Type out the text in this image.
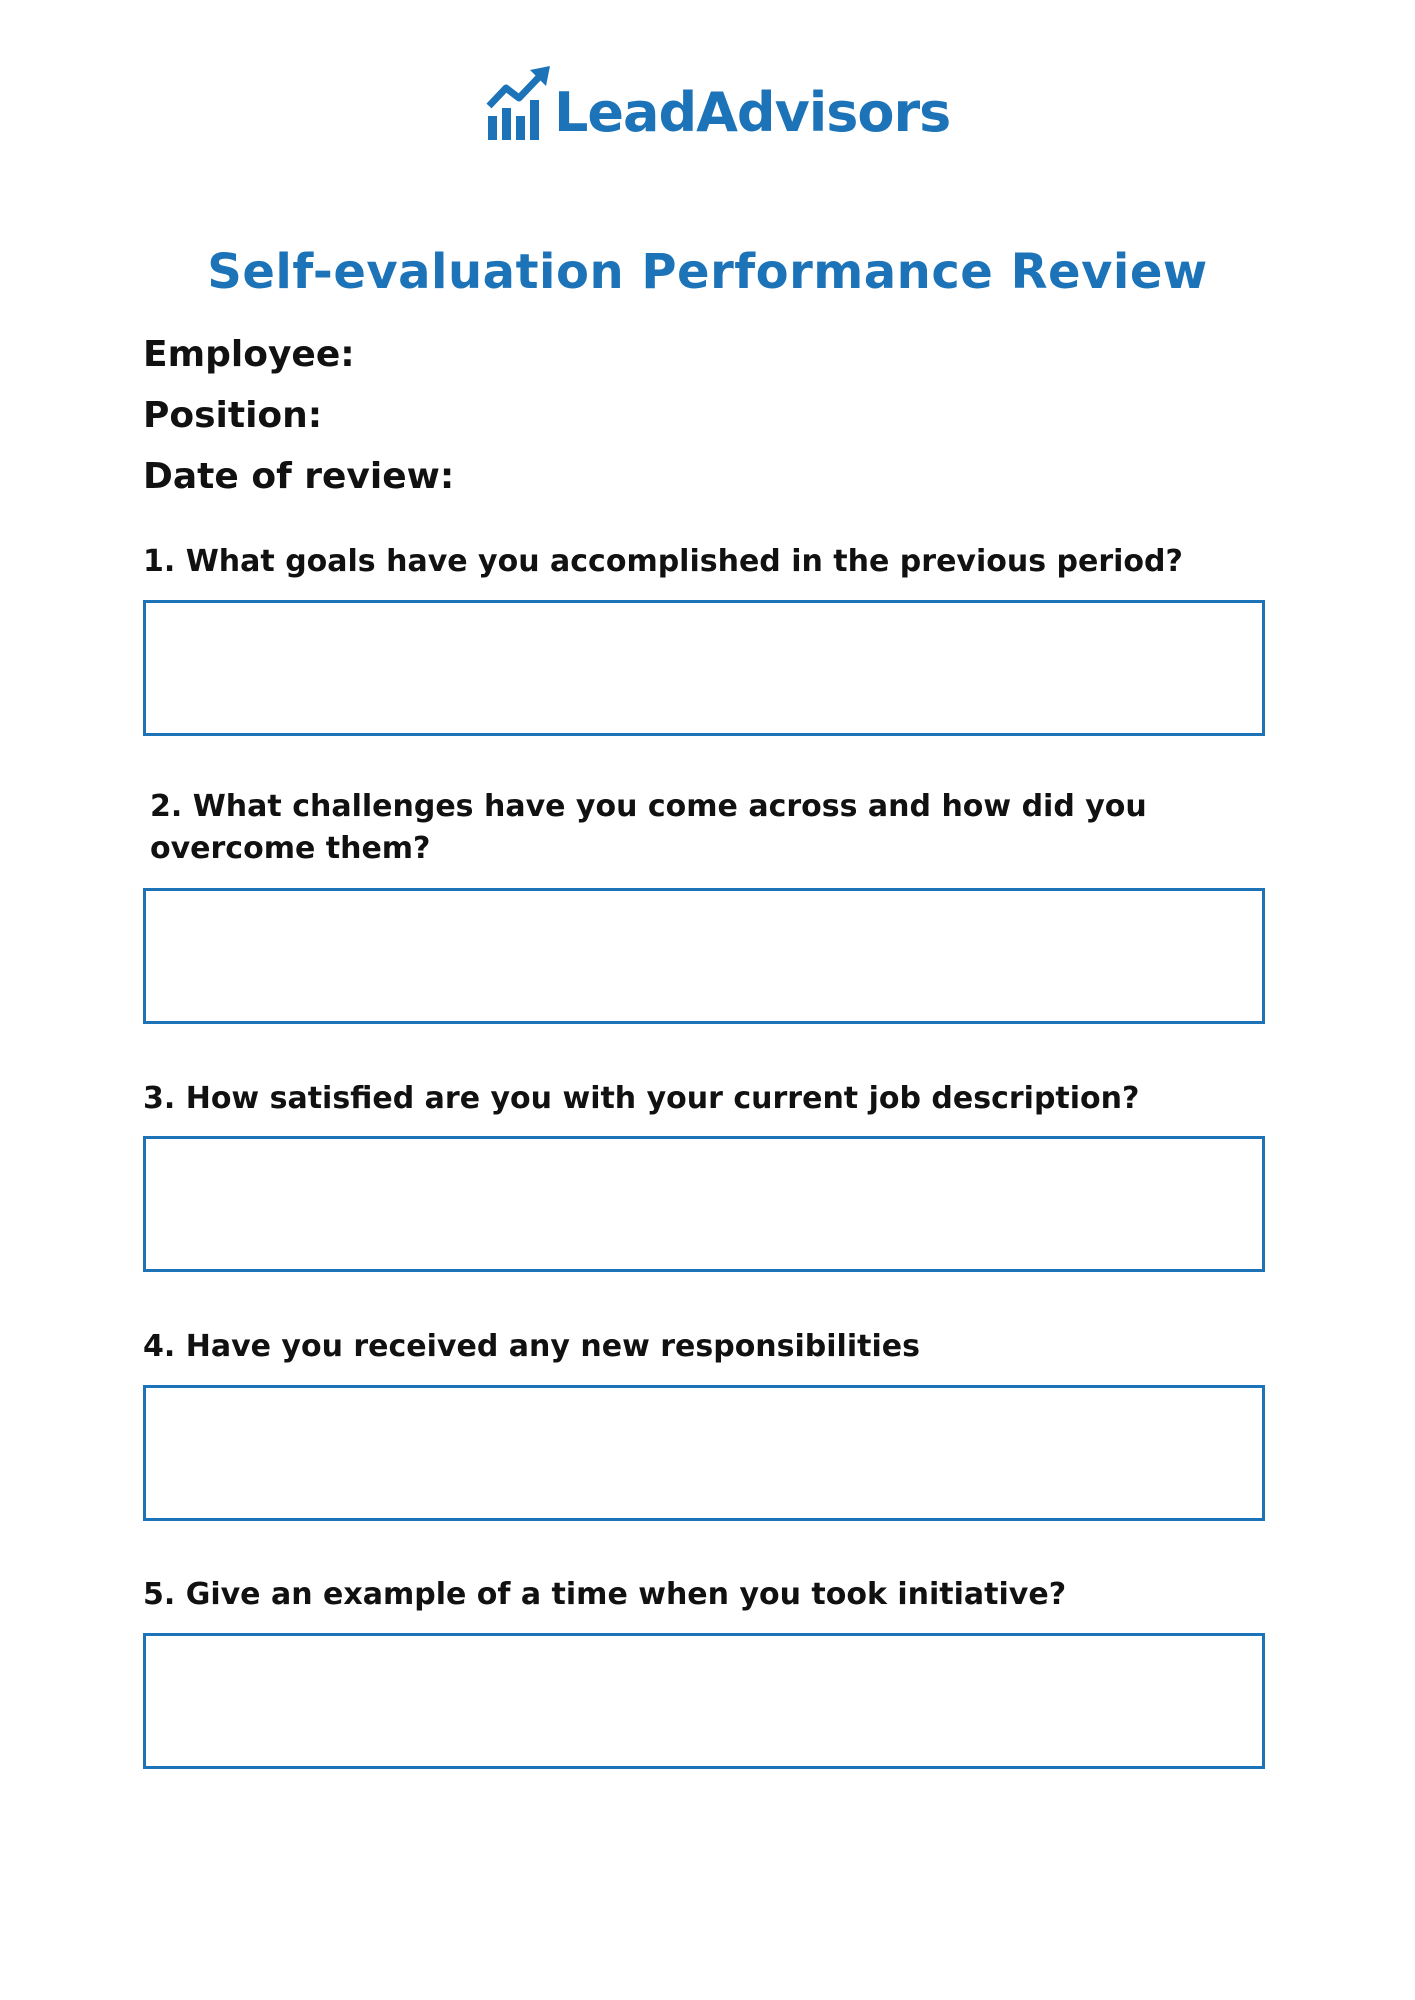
LeadAdvisors
Self-evaluation Performance Review
Employee:
Position:
Date of review:
1. What goals have you accomplished in the previous period?
2. What challenges have you come across and how did you overcome them?
3. How satisfied are you with your current job description?
4. Have you received any new responsibilities
5. Give an example of a time when you took initiative?
